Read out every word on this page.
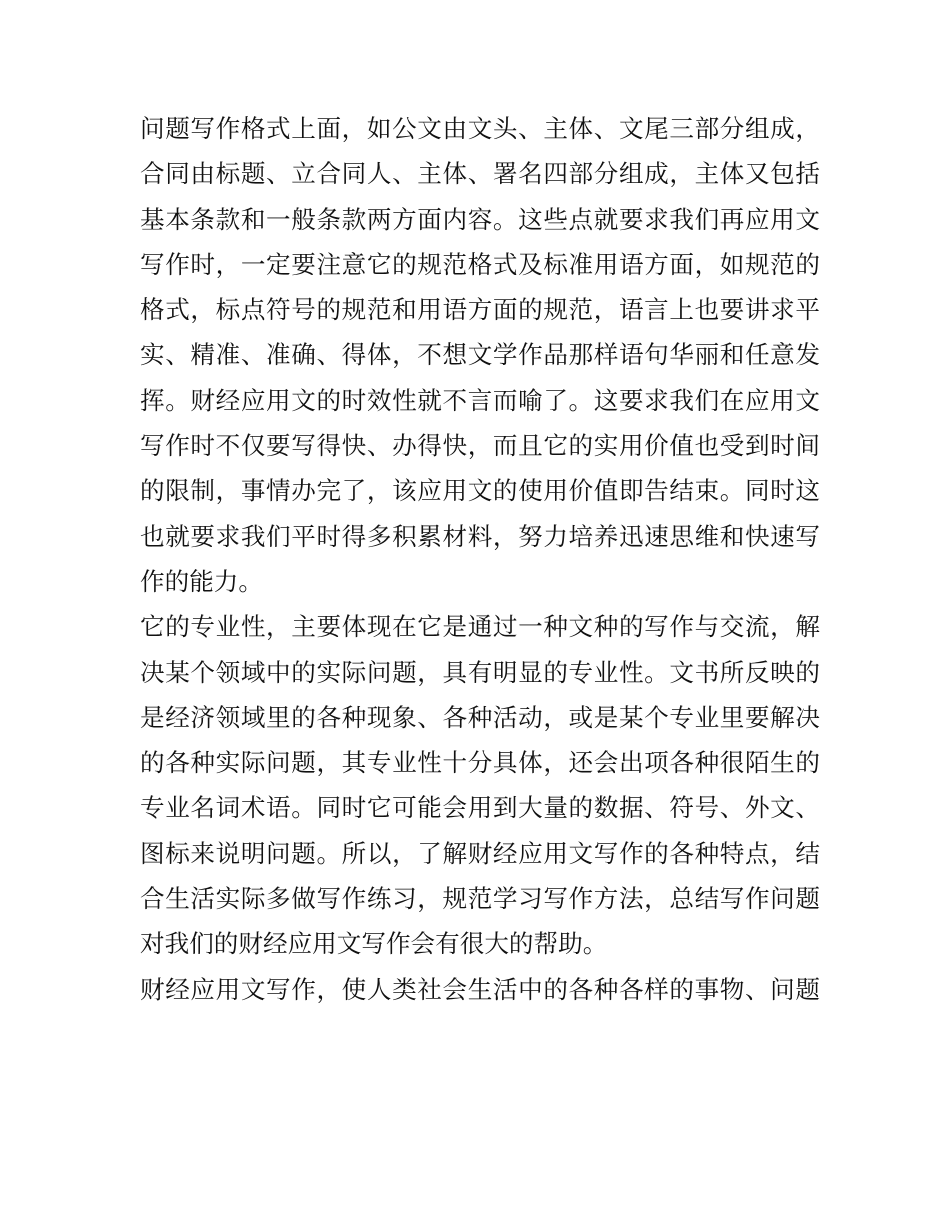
问题写作格式上面，如公文由文头、主体、文尾三部分组成，
合同由标题、立合同人、主体、署名四部分组成，主体又包括
基本条款和一般条款两方面内容。这些点就要求我们再应用文
写作时，一定要注意它的规范格式及标准用语方面，如规范的
格式，标点符号的规范和用语方面的规范，语言上也要讲求平
实、精准、准确、得体，不想文学作品那样语句华丽和任意发
挥。财经应用文的时效性就不言而喻了。这要求我们在应用文
写作时不仅要写得快、办得快，而且它的实用价值也受到时间
的限制，事情办完了，该应用文的使用价值即告结束。同时这
也就要求我们平时得多积累材料，努力培养迅速思维和快速写
作的能力。
它的专业性，主要体现在它是通过一种文种的写作与交流，解
决某个领域中的实际问题，具有明显的专业性。文书所反映的
是经济领域里的各种现象、各种活动，或是某个专业里要解决
的各种实际问题，其专业性十分具体，还会出项各种很陌生的
专业名词术语。同时它可能会用到大量的数据、符号、外文、
图标来说明问题。所以，了解财经应用文写作的各种特点，结
合生活实际多做写作练习，规范学习写作方法，总结写作问题
对我们的财经应用文写作会有很大的帮助。
财经应用文写作，使人类社会生活中的各种各样的事物、问题
